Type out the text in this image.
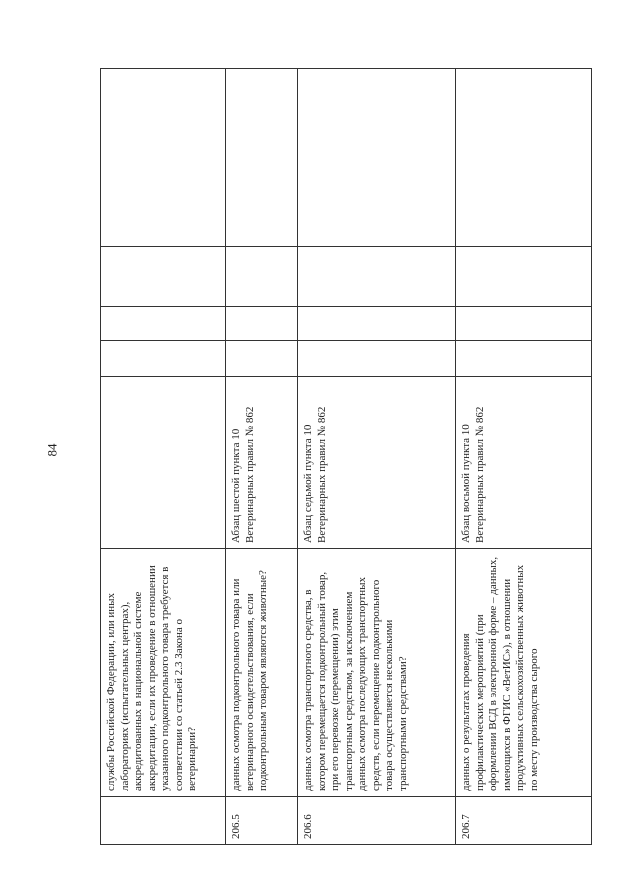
84
	службы Российской Федерации, или иных лабораториях (испытательных центрах), аккредитованных в национальной системе аккредитации, если их проведение в отношении указанного подконтрольного товара требуется в соответствии со статьей 2.3 Закона о ветеринарии?					
206.5	данных осмотра подконтрольного товара или ветеринарного освидетельствования, если подконтрольным товаром являются животные?	Абзац шестой пункта 10 Ветеринарных правил № 862				
206.6	данных осмотра транспортного средства, в котором перемещается подконтрольный товар, при его перевозке (перемещении) этим транспортным средством, за исключением данных осмотра последующих транспортных средств, если перемещение подконтрольного товара осуществляется несколькими транспортными средствами?	Абзац седьмой пункта 10 Ветеринарных правил № 862				
206.7	данных о результатах проведения профилактических мероприятий (при оформлении ВСД в электронной форме – данных, имеющихся в ФГИС «ВетИС»), в отношении продуктивных сельскохозяйственных животных по месту производства сырого	Абзац восьмой пункта 10 Ветеринарных правил № 862				
